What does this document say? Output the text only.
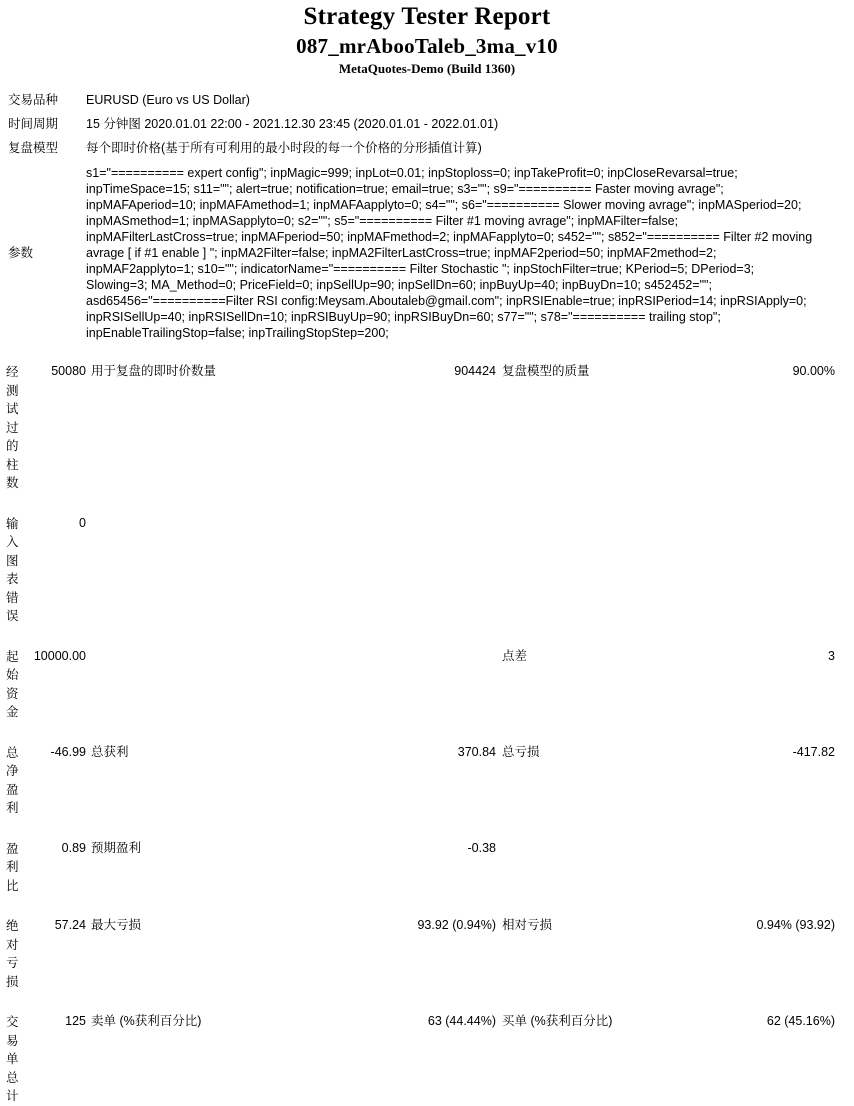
Strategy Tester Report
087_mrAbooTaleb_3ma_v10
MetaQuotes-Demo (Build 1360)
交易品种	EURUSD (Euro vs US Dollar)
时间周期	15 分钟图 2020.01.01 22:00 - 2021.12.30 23:45 (2020.01.01 - 2022.01.01)
复盘模型	每个即时价格(基于所有可利用的最小时段的每一个价格的分形插值计算)
参数	s1="========== expert config"; inpMagic=999; inpLot=0.01; inpStoploss=0; inpTakeProfit=0; inpCloseRevarsal=true; inpTimeSpace=15; s11=""; alert=true; notification=true; email=true; s3=""; s9="========== Faster moving avrage"; inpMAFAperiod=10; inpMAFAmethod=1; inpMAFAapplyto=0; s4=""; s6="========== Slower moving avrage"; inpMASperiod=20; inpMASmethod=1; inpMASapplyto=0; s2=""; s5="========== Filter #1 moving avrage"; inpMAFilter=false; inpMAFilterLastCross=true; inpMAFperiod=50; inpMAFmethod=2; inpMAFapplyto=0; s452=""; s852="========== Filter #2 moving avrage [ if #1 enable ] "; inpMA2Filter=false; inpMA2FilterLastCross=true; inpMAF2period=50; inpMAF2method=2; inpMAF2applyto=1; s10=""; indicatorName="========== Filter Stochastic "; inpStochFilter=true; KPeriod=5; DPeriod=3; Slowing=3; MA_Method=0; PriceField=0; inpSellUp=90; inpSellDn=60; inpBuyUp=40; inpBuyDn=10; s452452=""; asd65456="==========Filter RSI config:Meysam.Aboutaleb@gmail.com"; inpRSIEnable=true; inpRSIPeriod=14; inpRSIApply=0; inpRSISellUp=40; inpRSISellDn=10; inpRSIBuyUp=90; inpRSIBuyDn=60; s77=""; s78="========== trailing stop"; inpEnableTrailingStop=false; inpTrailingStopStep=200;
经测试过的柱数	50080	用于复盘的即时价数量	904424	复盘模型的质量	90.00%

输入图表错误	0				

起始资金	10000.00			点差	3

总净盈利	-46.99	总获利	370.84	总亏损	-417.82

盈利比	0.89	预期盈利	-0.38		

绝对亏损	57.24	最大亏损	93.92 (0.94%)	相对亏损	0.94% (93.92)

交易单总计	125	卖单 (%获利百分比)	63 (44.44%)	买单 (%获利百分比)	62 (45.16%)
